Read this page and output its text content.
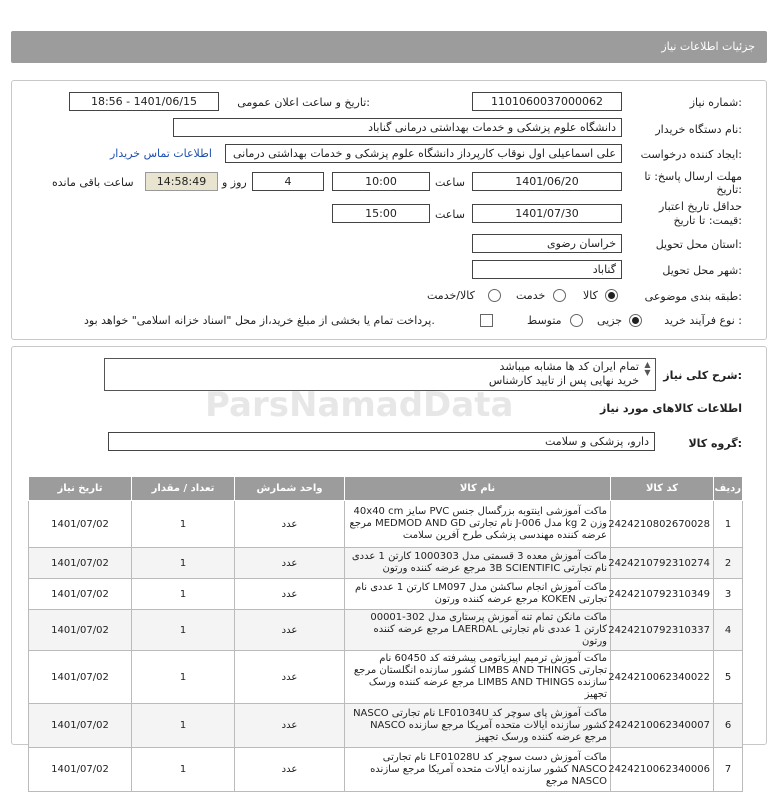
جزئیات اطلاعات نیاز
شماره نیاز:
1101060037000062
تاریخ و ساعت اعلان عمومی:
1401/06/15 - 18:56
نام دستگاه خریدار:
دانشگاه علوم پزشکی و خدمات بهداشتی درمانی گناباد
ایجاد کننده درخواست:
علی اسماعیلی اول نوقاب کارپرداز دانشگاه علوم پزشکی و خدمات بهداشتی درمانی
اطلاعات تماس خریدار
مهلت ارسال پاسخ: تا
تاریخ:
1401/06/20
ساعت
10:00
4
روز و
14:58:49
ساعت باقی مانده
حداقل تاریخ اعتبار
قیمت: تا تاریخ:
1401/07/30
ساعت
15:00
استان محل تحویل:
خراسان رضوی
شهر محل تحویل:
گناباد
طبقه بندی موضوعی:
کالا
خدمت
کالا/خدمت
نوع فرآیند خرید :
جزیی
متوسط
پرداخت تمام یا بخشی از مبلغ خرید،از محل "اسناد خزانه اسلامی" خواهد بود.
شرح کلی نیاز:
▲
▼
تمام ایران کد ها مشابه میباشد
خرید نهایی پس از تایید کارشناس
اطلاعات کالاهای مورد نیاز
گروه کالا:
دارو، پزشکی و سلامت
ردیف	کد کالا	نام کالا	واحد شمارش	تعداد / مقدار	تاریخ نیاز
1	2424210802670028	ماکت آموزشی اینتوبه بزرگسال جنس PVC سایز 40x40 cm وزن 2 kg مدل J-006 نام تجارتی MEDMOD AND GD مرجع عرضه کننده مهندسی پزشکی طرح آفرین سلامت	عدد	1	1401/07/02
2	2424210792310274	ماکت آموزش معده 3 قسمتی مدل 1000303 کارتن 1 عددی نام تجارتی 3B SCIENTIFIC مرجع عرضه کننده ورتون	عدد	1	1401/07/02
3	2424210792310349	ماکت آموزش انجام ساکشن مدل LM097 کارتن 1 عددی نام تجارتی KOKEN مرجع عرضه کننده ورتون	عدد	1	1401/07/02
4	2424210792310337	ماکت مانکن تمام تنه آموزش پرستاری مدل 302-00001 کارتن 1 عددی نام تجارتی LAERDAL مرجع عرضه کننده ورتون	عدد	1	1401/07/02
5	2424210062340022	ماکت آموزش ترمیم اپیزیاتومی پیشرفته کد 60450 نام تجارتی LIMBS AND THINGS کشور سازنده انگلستان مرجع سازنده LIMBS AND THINGS مرجع عرضه کننده ورسک تجهیز	عدد	1	1401/07/02
6	2424210062340007	ماکت آموزش پای سوچر کد LF01034U نام تجارتی NASCO کشور سازنده ایالات متحده آمریکا مرجع سازنده NASCO مرجع عرضه کننده ورسک تجهیز	عدد	1	1401/07/02
7	2424210062340006	ماکت آموزش دست سوچر کد LF01028U نام تجارتی NASCO کشور سازنده ایالات متحده آمریکا مرجع سازنده NASCO مرجع	عدد	1	1401/07/02
